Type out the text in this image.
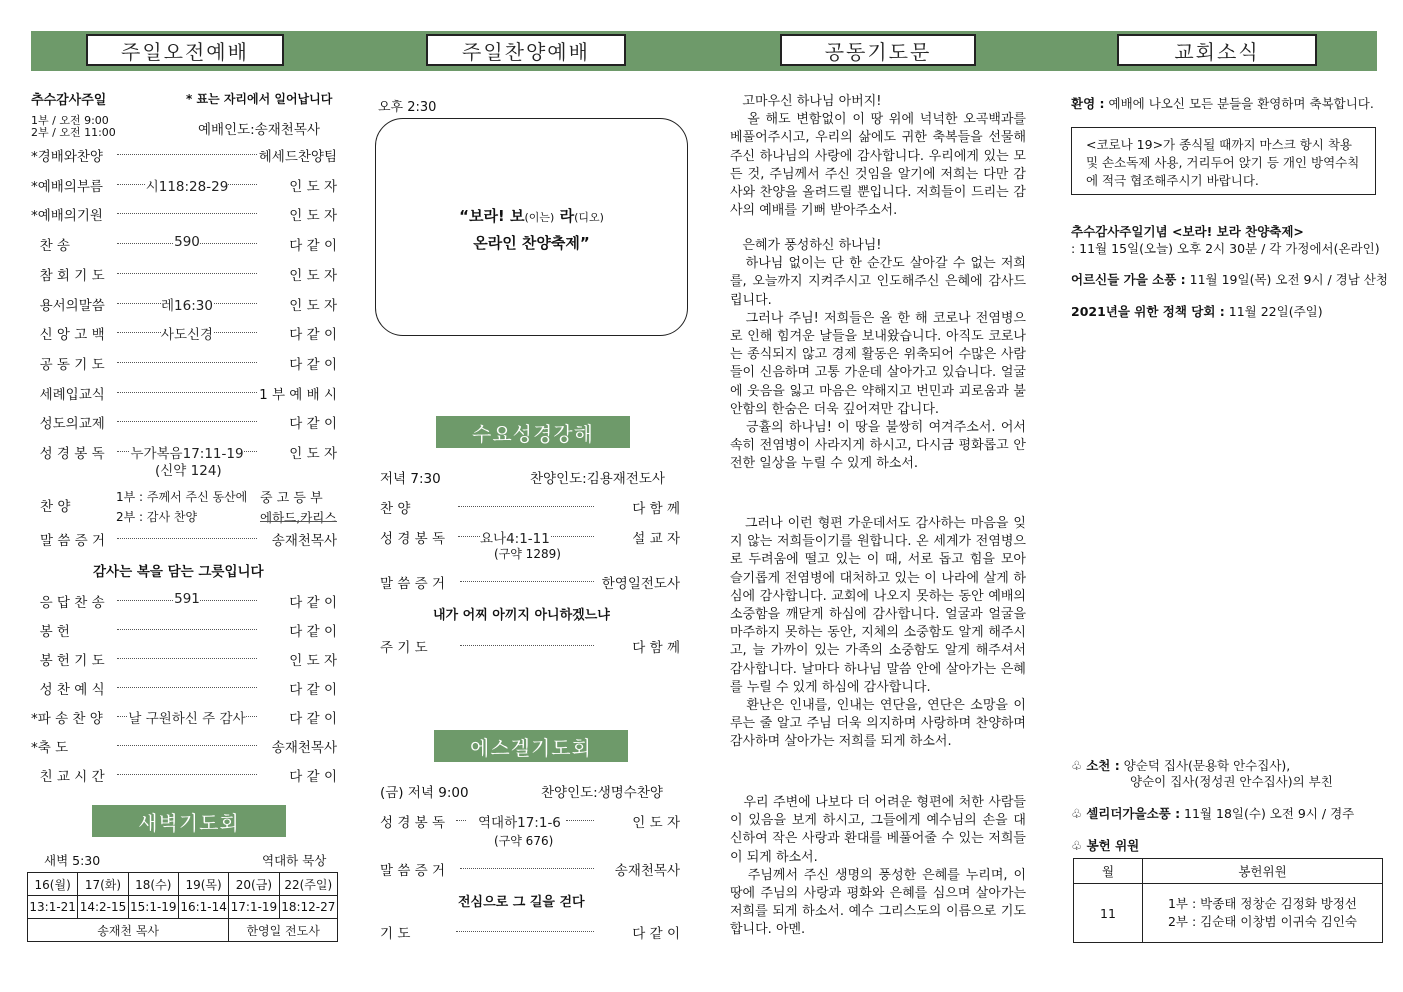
주일오전예배	주일찬양예배	공동기도문	교회소식
추수감사주일	* 표는 자리에서 일어납니다
1부 / 오전 9:00
2부 / 오전 11:00	예배인도:송재천목사
*경배와찬양	헤세드찬양팀
*예배의부름	시118:28-29	인 도 자
*예배의기원	인 도 자
찬 송	590	다 같 이
참 회 기 도	인 도 자
용서의말씀	레16:30	인 도 자
신 앙 고 백	사도신경	다 같 이
공 동 기 도	다 같 이
세례입교식	1 부 예 배 시
성도의교제	다 같 이
성 경 봉 독	누가복음17:11-19	인 도 자
(신약 124)
찬 양
1부 : 주께서 주신 동산에 중 고 등 부
2부 : 감사 찬양	에하드,카리스
말 씀 증 거	송재천목사
감사는 복을 담는 그릇입니다
응 답 찬 송	591	다 같 이
봉 헌	다 같 이
봉 헌 기 도	인 도 자
성 찬 예 식	다 같 이
*파 송 찬 양	날 구원하신 주 감사	다 같 이
*축 도	송재천목사
친 교 시 간	다 같 이
새벽기도회
새벽 5:30	역대하 묵상
16(월)	17(화)	18(수)	19(목)	20(금)	22(주일)
13:1-21	14:2-15	15:1-19	16:1-14	17:1-19	18:12-27
송재천 목사				한영일 전도사	
오후 2:30
“보라! 보(이는) 라(디오)
온라인 찬양축제”
수요성경강해
저녁 7:30	찬양인도:김용재전도사
찬 양	다 함 께
성 경 봉 독	요나4:1-11	설 교 자
(구약 1289)
말 씀 증 거	한영일전도사
내가 어찌 아끼지 아니하겠느냐
주 기 도	다 함 께
에스겔기도회
(금) 저녁 9:00	찬양인도:생명수찬양
성 경 봉 독 역대하17:1-6	인 도 자
(구약 676)
말 씀 증 거	송재천목사
전심으로 그 길을 걷다
기 도	다 같 이
고마우신 하나님 아버지!
올 해도 변함없이 이 땅 위에 넉넉한 오곡백과를 베풀어주시고, 우리의 삶에도 귀한 축복들을 선물해주신 하나님의 사랑에 감사합니다. 우리에게 있는 모든 것, 주님께서 주신 것임을 알기에 저희는 다만 감사와 찬양을 올려드릴 뿐입니다. 저희들이 드리는 감사의 예배를 기뻐 받아주소서.
은혜가 풍성하신 하나님!
하나님 없이는 단 한 순간도 살아갈 수 없는 저희를, 오늘까지 지켜주시고 인도해주신 은혜에 감사드립니다.
그러나 주님! 저희들은 올 한 해 코로나 전염병으로 인해 힘겨운 날들을 보내왔습니다. 아직도 코로나는 종식되지 않고 경제 활동은 위축되어 수많은 사람들이 신음하며 고통 가운데 살아가고 있습니다. 얼굴에 웃음을 잃고 마음은 약해지고 번민과 괴로움과 불안함의 한숨은 더욱 깊어져만 갑니다.
긍휼의 하나님! 이 땅을 불쌍히 여겨주소서. 어서 속히 전염병이 사라지게 하시고, 다시금 평화롭고 안전한 일상을 누릴 수 있게 하소서.
그러나 이런 형편 가운데서도 감사하는 마음을 잊지 않는 저희들이기를 원합니다. 온 세계가 전염병으로 두려움에 떨고 있는 이 때, 서로 돕고 힘을 모아 슬기롭게 전염병에 대처하고 있는 이 나라에 살게 하심에 감사합니다. 교회에 나오지 못하는 동안 예배의 소중함을 깨닫게 하심에 감사합니다. 얼굴과 얼굴을 마주하지 못하는 동안, 지체의 소중함도 알게 해주시고, 늘 가까이 있는 가족의 소중함도 알게 해주셔서 감사합니다. 날마다 하나님 말씀 안에 살아가는 은혜를 누릴 수 있게 하심에 감사합니다.
환난은 인내를, 인내는 연단을, 연단은 소망을 이루는 줄 알고 주님 더욱 의지하며 사랑하며 찬양하며 감사하며 살아가는 저희를 되게 하소서.
우리 주변에 나보다 더 어려운 형편에 처한 사람들이 있음을 보게 하시고, 그들에게 예수님의 손을 대신하여 작은 사랑과 환대를 베풀어줄 수 있는 저희들이 되게 하소서.
주님께서 주신 생명의 풍성한 은혜를 누리며, 이 땅에 주님의 사랑과 평화와 은혜를 심으며 살아가는 저희를 되게 하소서. 예수 그리스도의 이름으로 기도합니다. 아멘.
환영 : 예배에 나오신 모든 분들을 환영하며 축복합니다.
<코로나 19>가 종식될 때까지 마스크 항시 착용 및 손소독제 사용, 거리두어 앉기 등 개인 방역수칙에 적극 협조해주시기 바랍니다.
추수감사주일기념 <보라! 보라 찬양축제>
: 11월 15일(오늘) 오후 2시 30분 / 각 가정에서(온라인)
어르신들 가을 소풍 : 11월 19일(목) 오전 9시 / 경남 산청
2021년을 위한 정책 당회 : 11월 22일(주일)
♧ 소천 : 양순덕 집사(문용학 안수집사),
양순이 집사(정성권 안수집사)의 부친
♧ 셀리더가을소풍 : 11월 18일(수) 오전 9시 / 경주
♧ 봉헌 위원
월	봉헌위원
11	1부 : 박종태 정창순 김정화 방정선
2부 : 김순태 이창범 이귀숙 김인숙
